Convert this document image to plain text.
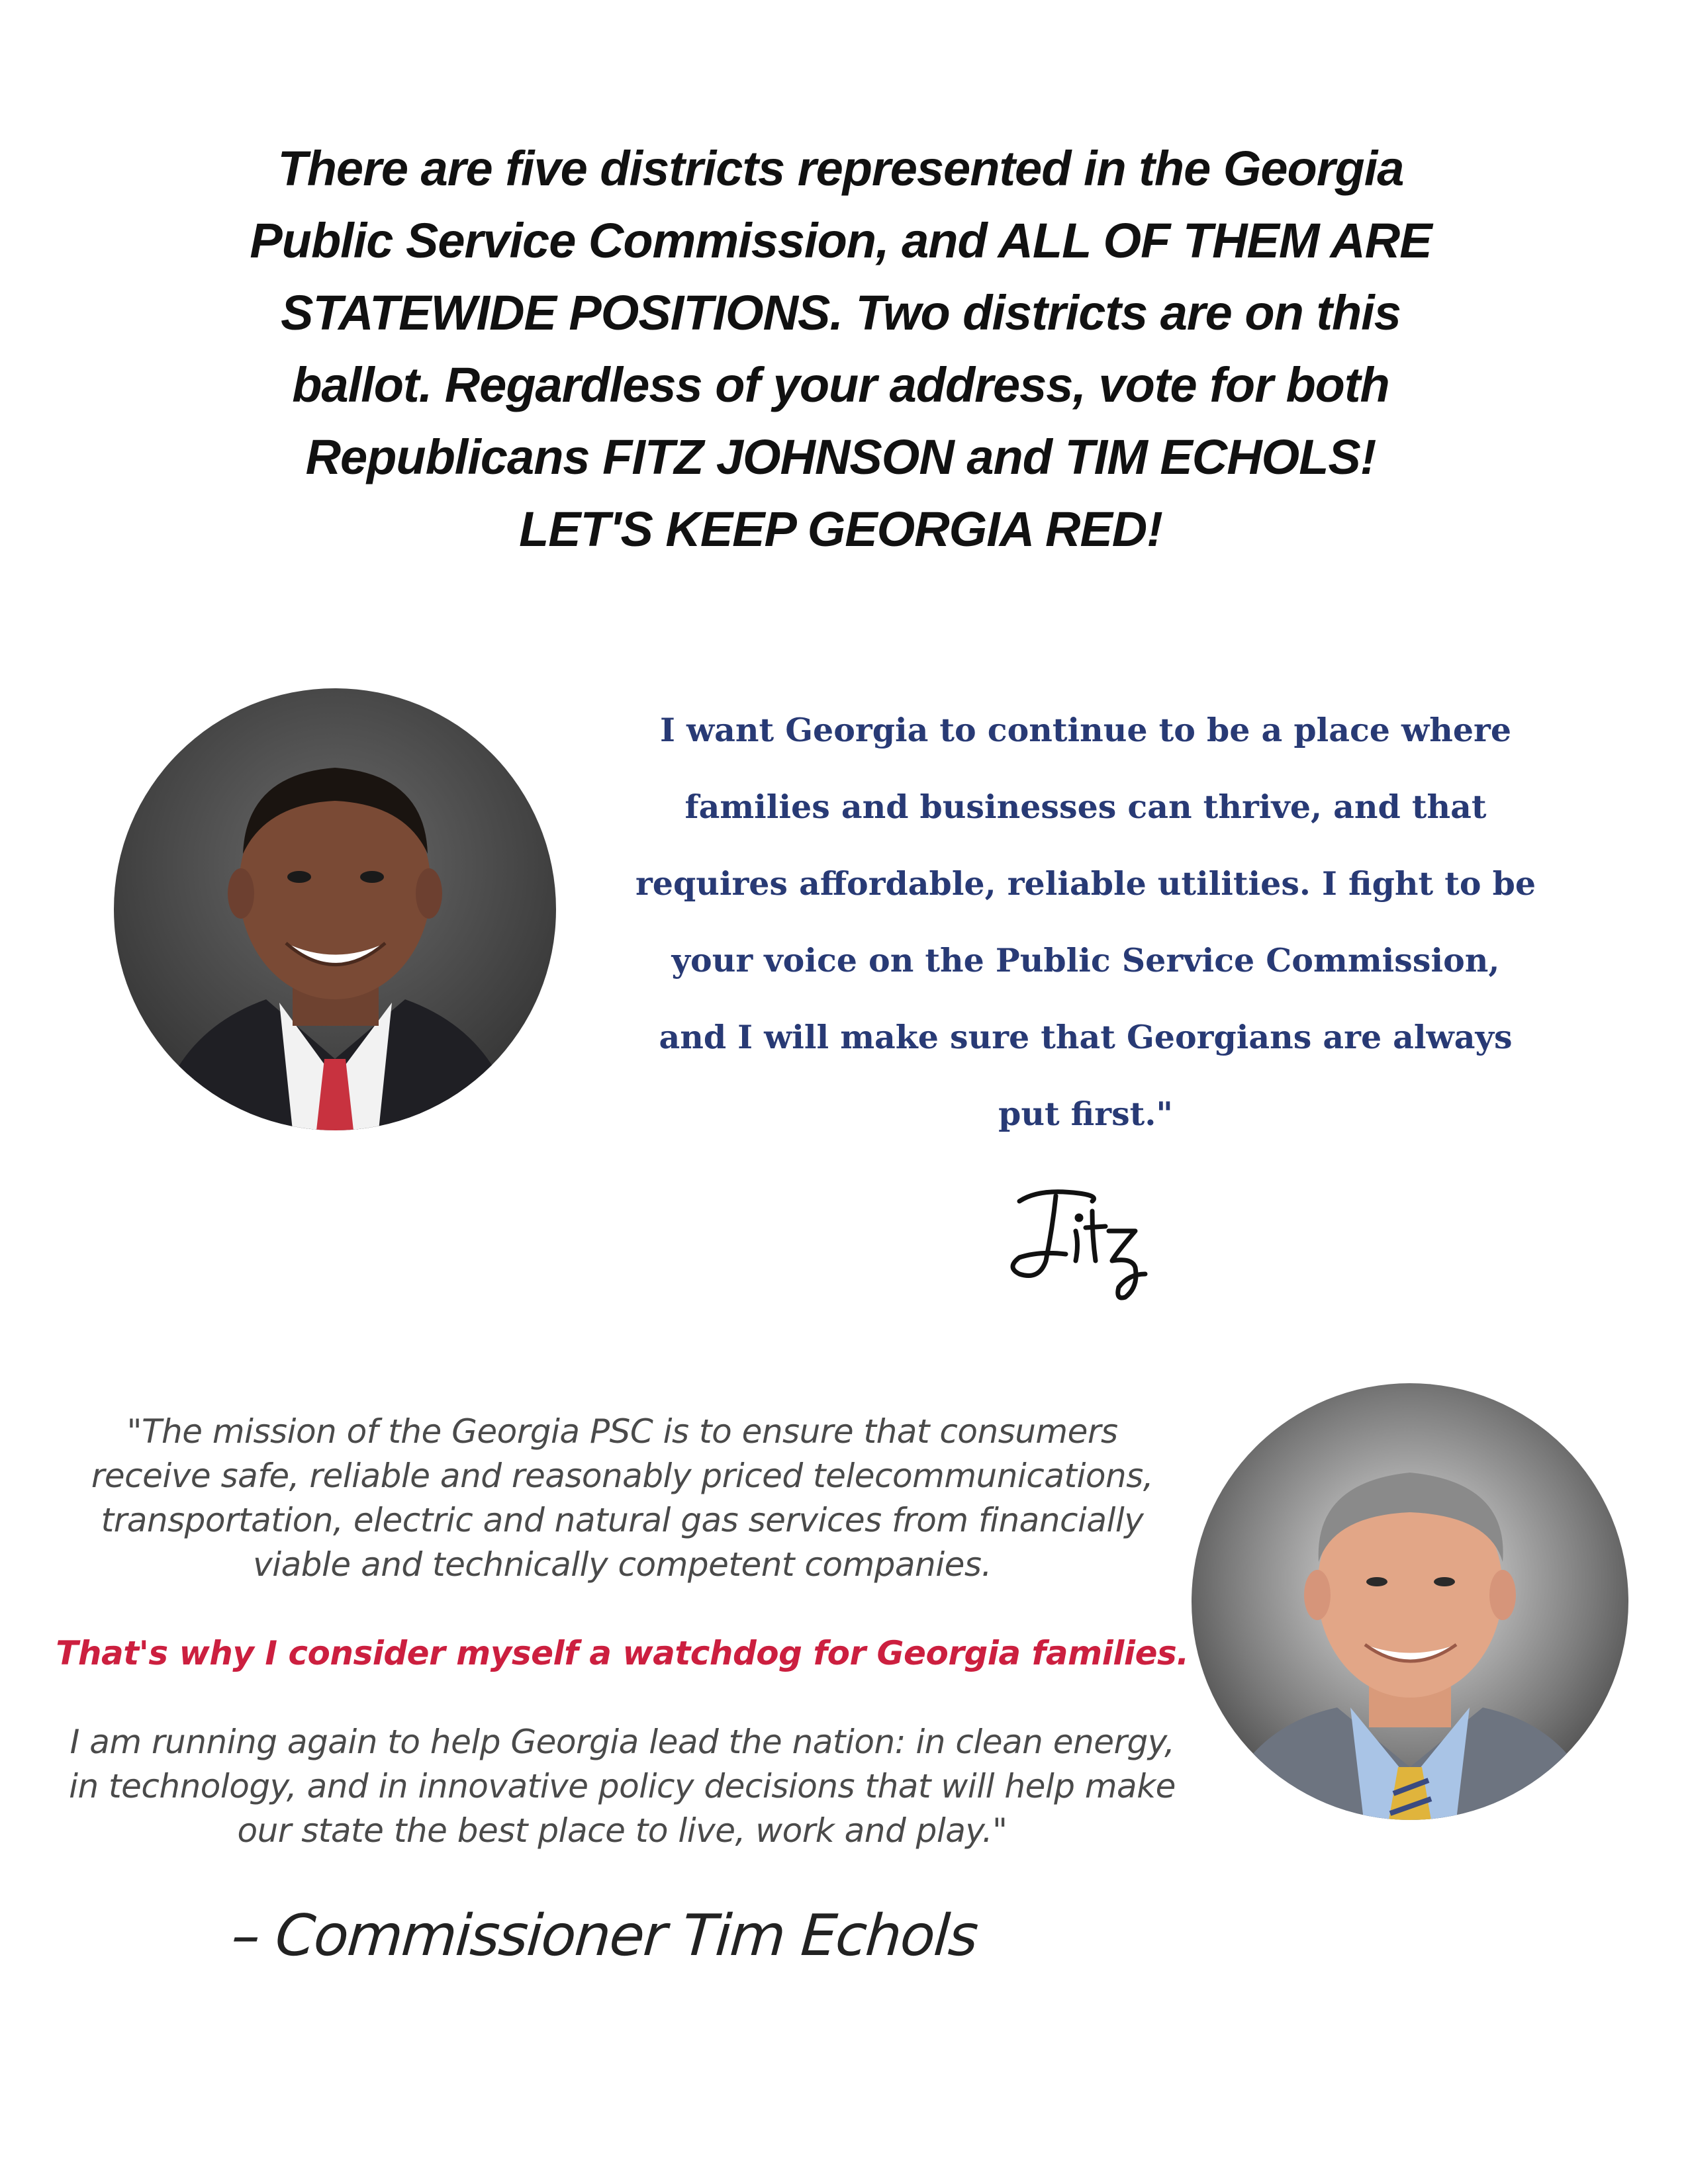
There are five districts represented in the Georgia
Public Service Commission, and ALL OF THEM ARE
STATEWIDE POSITIONS. Two districts are on this
ballot. Regardless of your address, vote for both
Republicans FITZ JOHNSON and TIM ECHOLS!
LET'S KEEP GEORGIA RED!
I want Georgia to continue to be a place where
families and businesses can thrive, and that
requires affordable, reliable utilities. I fight to be
your voice on the Public Service Commission,
and I will make sure that Georgians are always
put first."
"The mission of the Georgia PSC is to ensure that consumers
receive safe, reliable and reasonably priced telecommunications,
transportation, electric and natural gas services from financially
viable and technically competent companies.
That's why I consider myself a watchdog for Georgia families.
I am running again to help Georgia lead the nation: in clean energy,
in technology, and in innovative policy decisions that will help make
our state the best place to live, work and play."
– Commissioner Tim Echols
